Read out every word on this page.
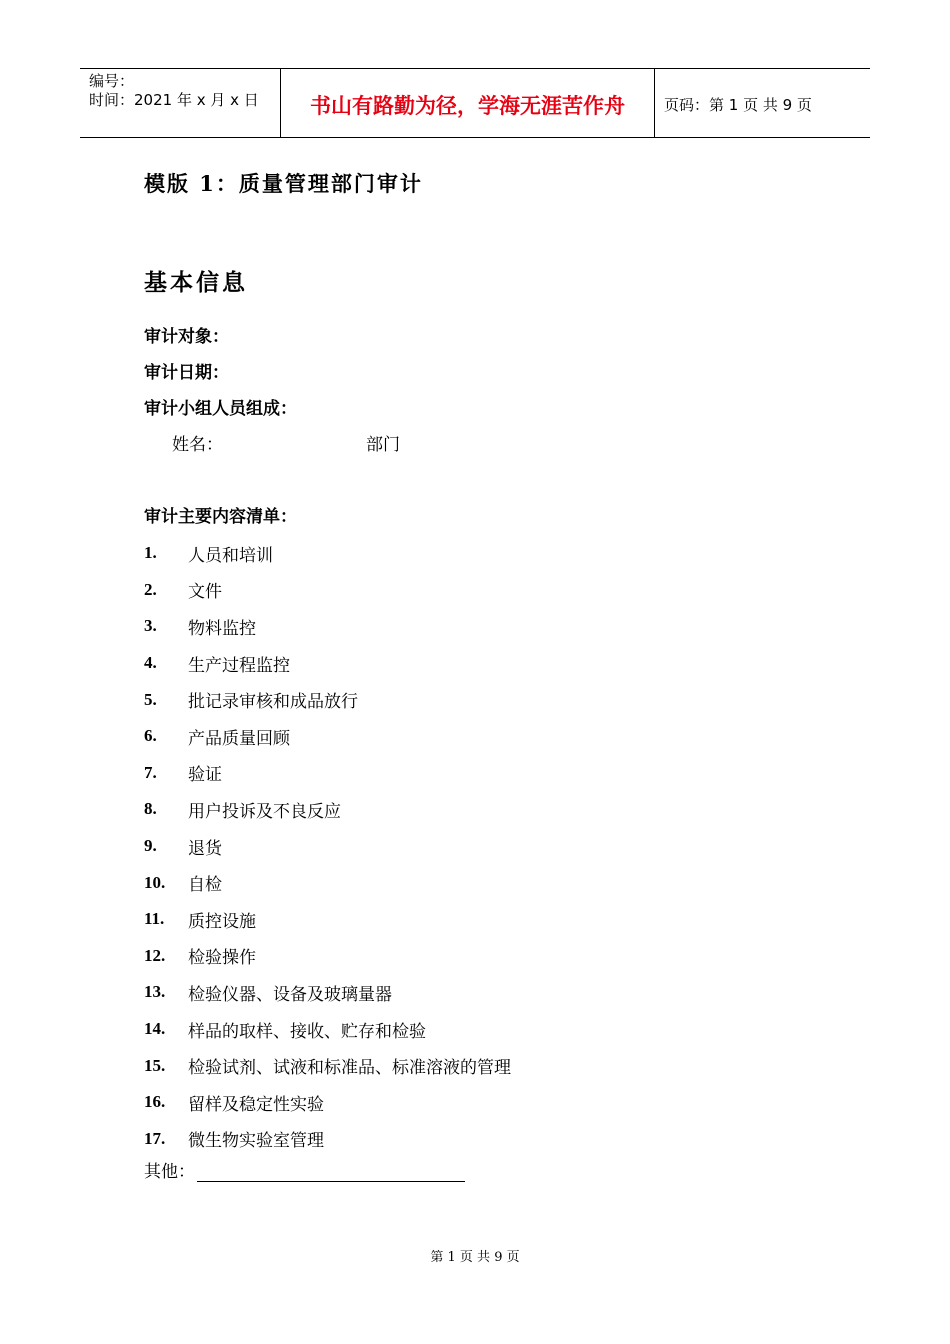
编号：
时间：2021 年 x 月 x 日	书山有路勤为径，学海无涯苦作舟	页码：第 1 页 共 9 页
模版 1：质量管理部门审计
基本信息
审计对象：
审计日期：
审计小组人员组成：
姓名：	部门
审计主要内容清单：
1.	人员和培训
2.	文件
3.	物料监控
4.	生产过程监控
5.	批记录审核和成品放行
6.	产品质量回顾
7.	验证
8.	用户投诉及不良反应
9.	退货
10.	自检
11.	质控设施
12.	检验操作
13.	检验仪器、设备及玻璃量器
14.	样品的取样、接收、贮存和检验
15.	检验试剂、试液和标准品、标准溶液的管理
16.	留样及稳定性实验
17.	微生物实验室管理
其他：
第 1 页 共 9 页
